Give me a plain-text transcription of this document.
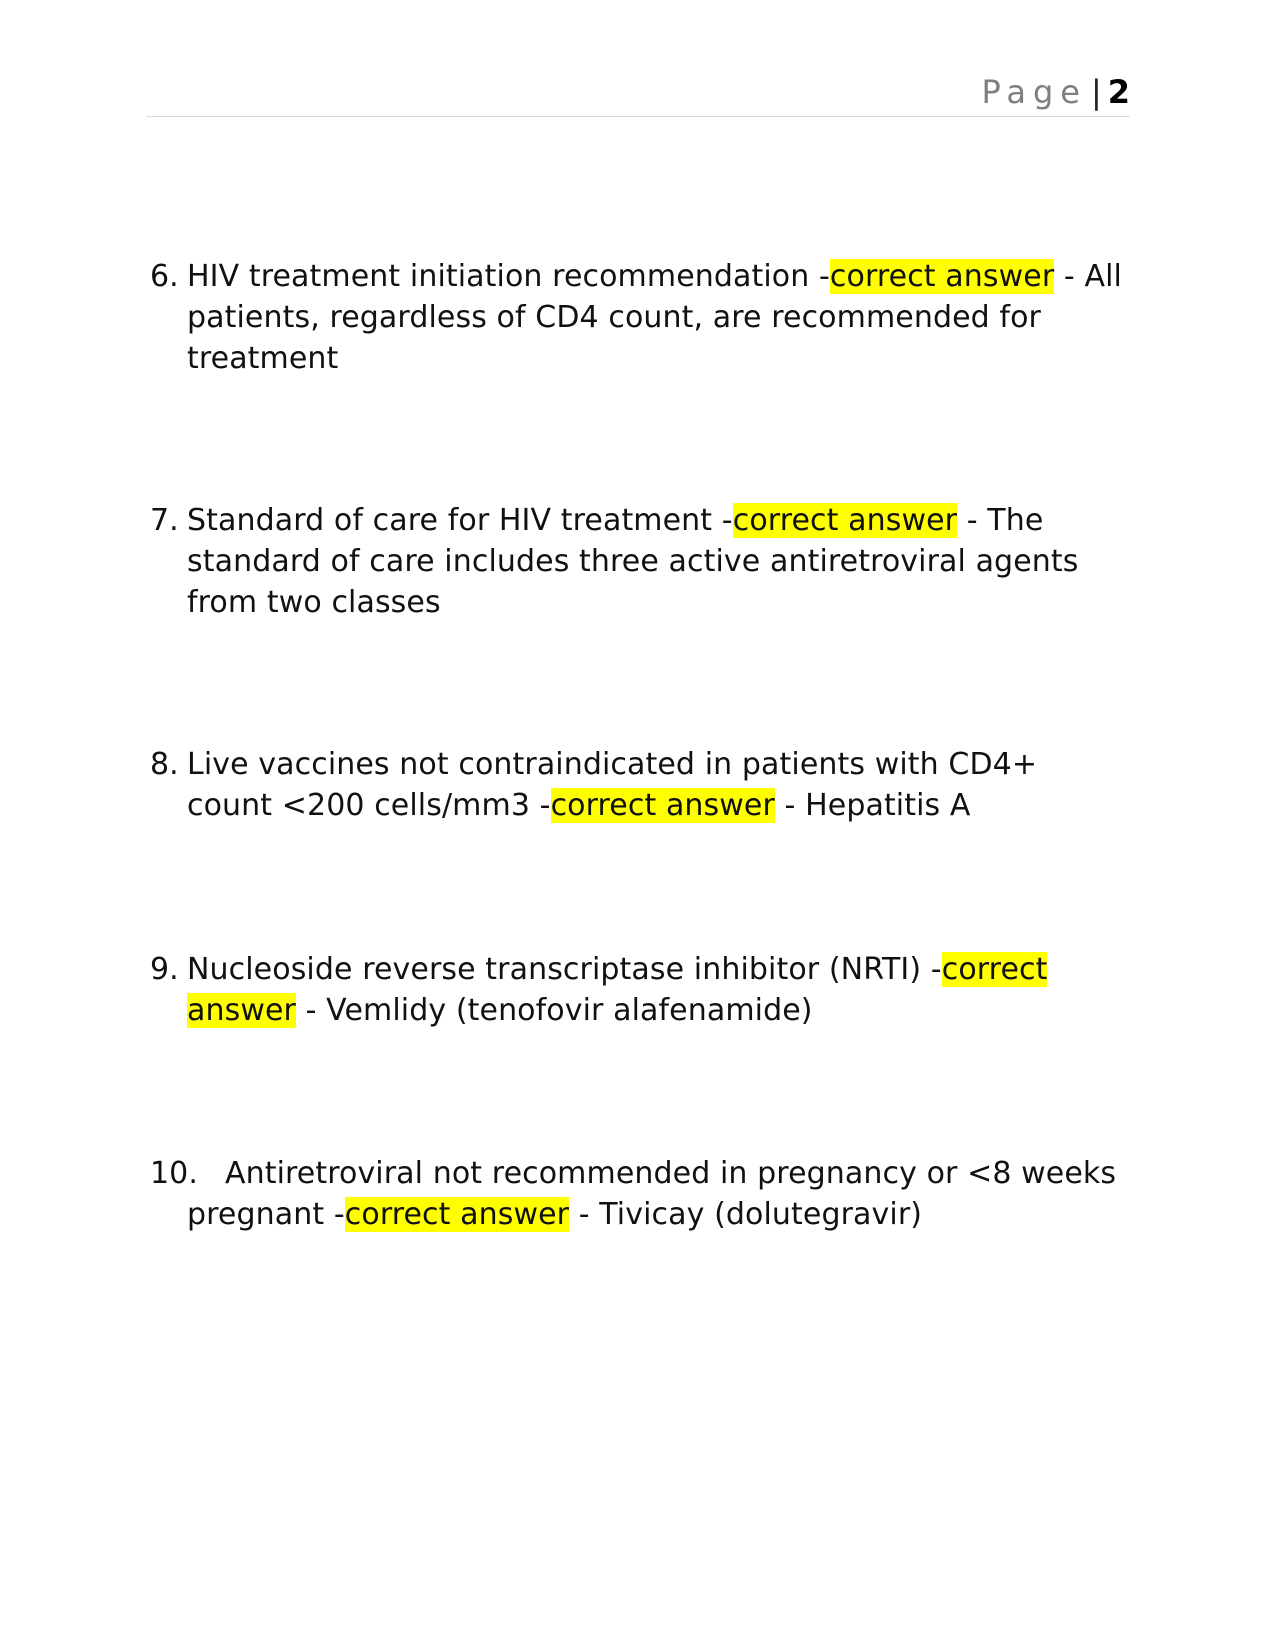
Page | 2
6. HIV treatment initiation recommendation -correct answer - All patients, regardless of CD4 count, are recommended for treatment
7. Standard of care for HIV treatment -correct answer - The standard of care includes three active antiretroviral agents from two classes
8. Live vaccines not contraindicated in patients with CD4+ count <200 cells/mm3 -correct answer - Hepatitis A
9. Nucleoside reverse transcriptase inhibitor (NRTI) -correct answer - Vemlidy (tenofovir alafenamide)
10. Antiretroviral not recommended in pregnancy or <8 weeks pregnant -correct answer - Tivicay (dolutegravir)
